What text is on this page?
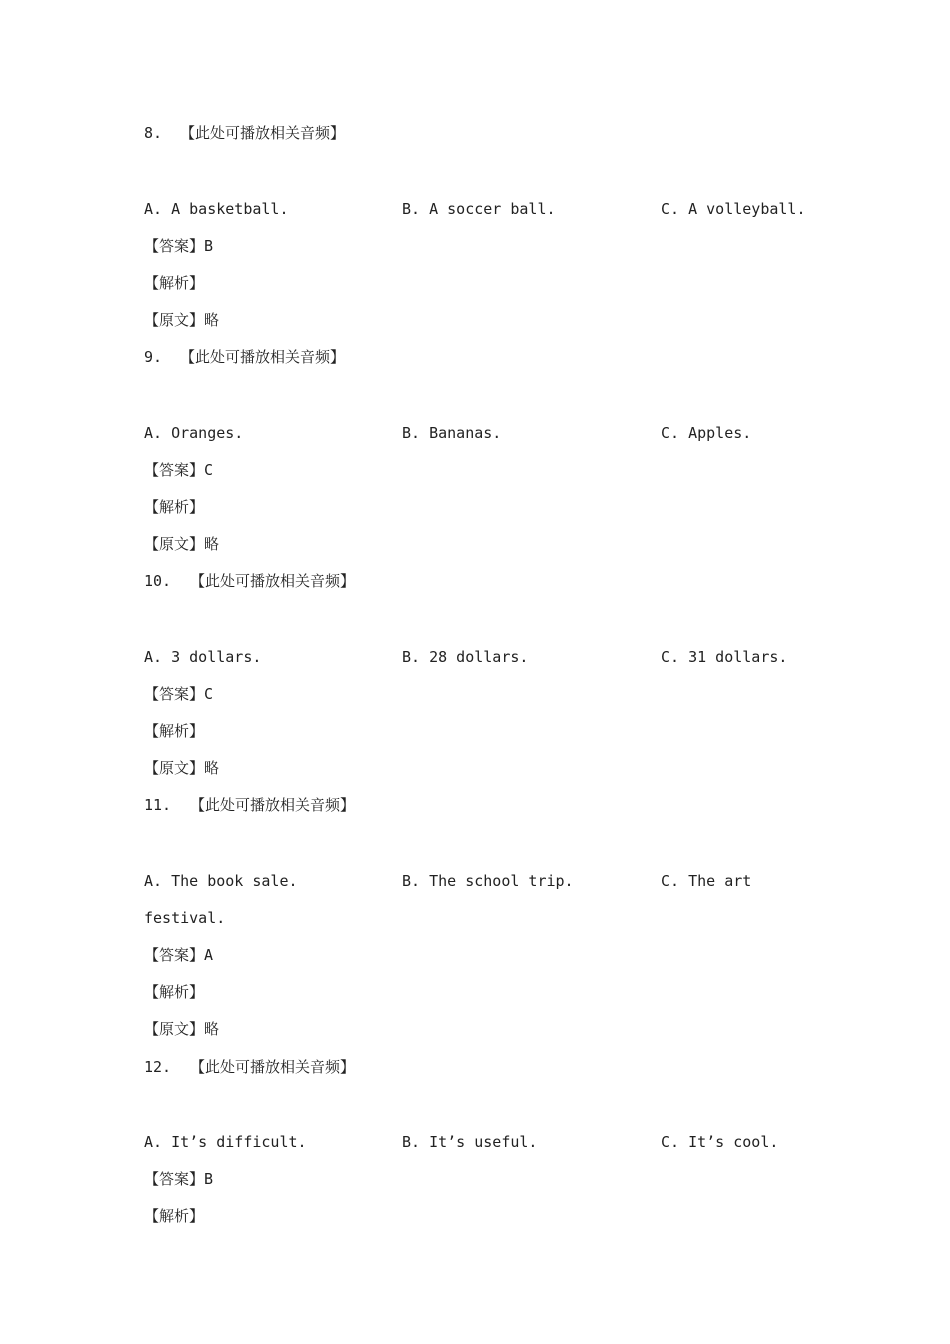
8. 【此处可播放相关音频】
A. A basketball.	B. A soccer ball.	C. A volleyball.
【答案】B
【解析】
【原文】略
9. 【此处可播放相关音频】
A. Oranges.	B. Bananas.	C. Apples.
【答案】C
【解析】
【原文】略
10. 【此处可播放相关音频】
A. 3 dollars.	B. 28 dollars.	C. 31 dollars.
【答案】C
【解析】
【原文】略
11. 【此处可播放相关音频】
A. The book sale.	B. The school trip.	C. The art
festival.
【答案】A
【解析】
【原文】略
12. 【此处可播放相关音频】
A. It’s difficult.	B. It’s useful.	C. It’s cool.
【答案】B
【解析】
